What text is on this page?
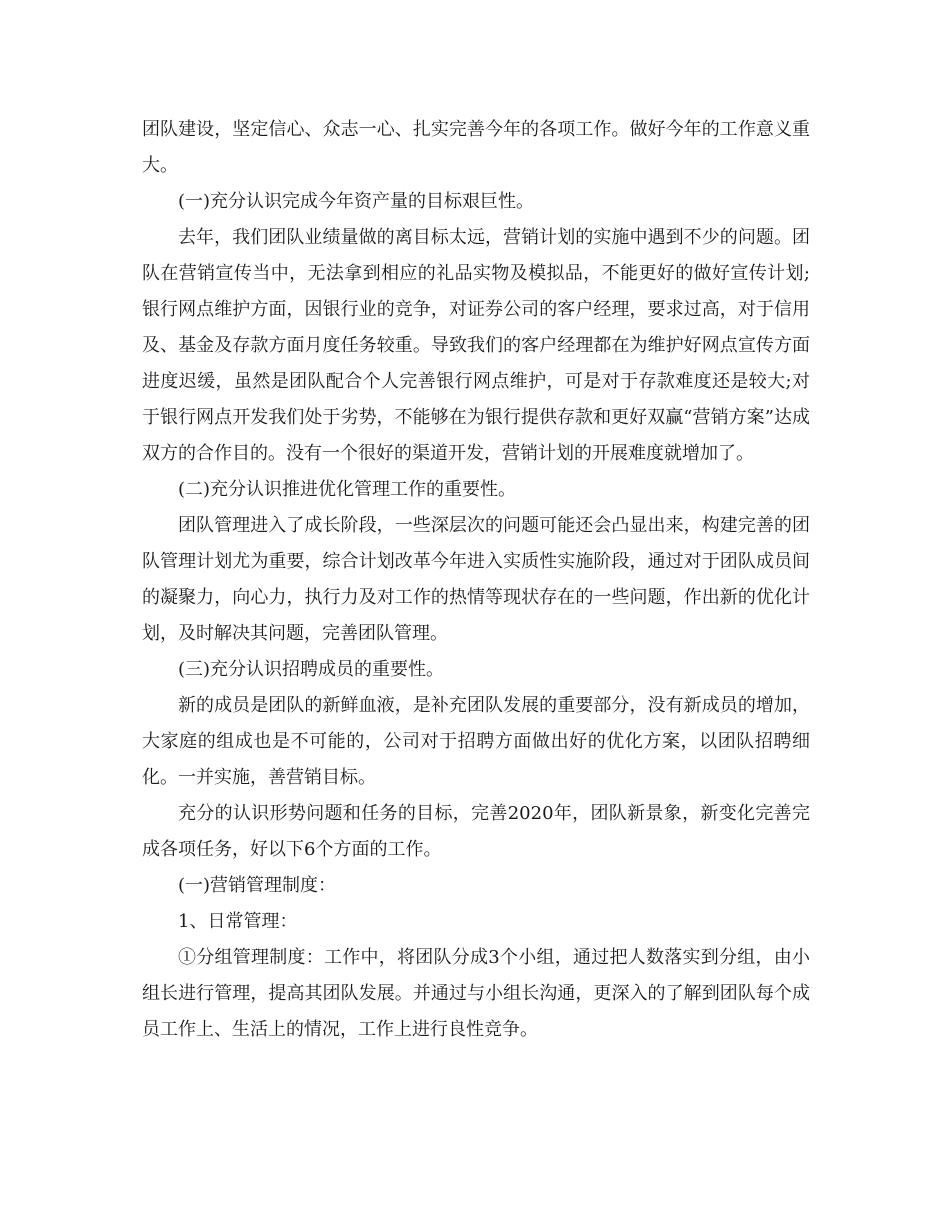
团队建设，坚定信心、众志一心、扎实完善今年的各项工作。做好今年的工作意义重大。

(一)充分认识完成今年资产量的目标艰巨性。

去年，我们团队业绩量做的离目标太远，营销计划的实施中遇到不少的问题。团队在营销宣传当中，无法拿到相应的礼品实物及模拟品，不能更好的做好宣传计划;银行网点维护方面，因银行业的竞争，对证券公司的客户经理，要求过高，对于信用及、基金及存款方面月度任务较重。导致我们的客户经理都在为维护好网点宣传方面进度迟缓，虽然是团队配合个人完善银行网点维护，可是对于存款难度还是较大;对于银行网点开发我们处于劣势，不能够在为银行提供存款和更好双赢“营销方案”达成双方的合作目的。没有一个很好的渠道开发，营销计划的开展难度就增加了。

(二)充分认识推进优化管理工作的重要性。

团队管理进入了成长阶段，一些深层次的问题可能还会凸显出来，构建完善的团队管理计划尤为重要，综合计划改革今年进入实质性实施阶段，通过对于团队成员间的凝聚力，向心力，执行力及对工作的热情等现状存在的一些问题，作出新的优化计划，及时解决其问题，完善团队管理。

(三)充分认识招聘成员的重要性。

新的成员是团队的新鲜血液，是补充团队发展的重要部分，没有新成员的增加，大家庭的组成也是不可能的，公司对于招聘方面做出好的优化方案，以团队招聘细化。一并实施，善营销目标。

充分的认识形势问题和任务的目标，完善2020年，团队新景象，新变化完善完成各项任务，好以下6个方面的工作。

(一)营销管理制度：

1、日常管理：

①分组管理制度：工作中，将团队分成3个小组，通过把人数落实到分组，由小组长进行管理，提高其团队发展。并通过与小组长沟通，更深入的了解到团队每个成员工作上、生活上的情况，工作上进行良性竞争。
